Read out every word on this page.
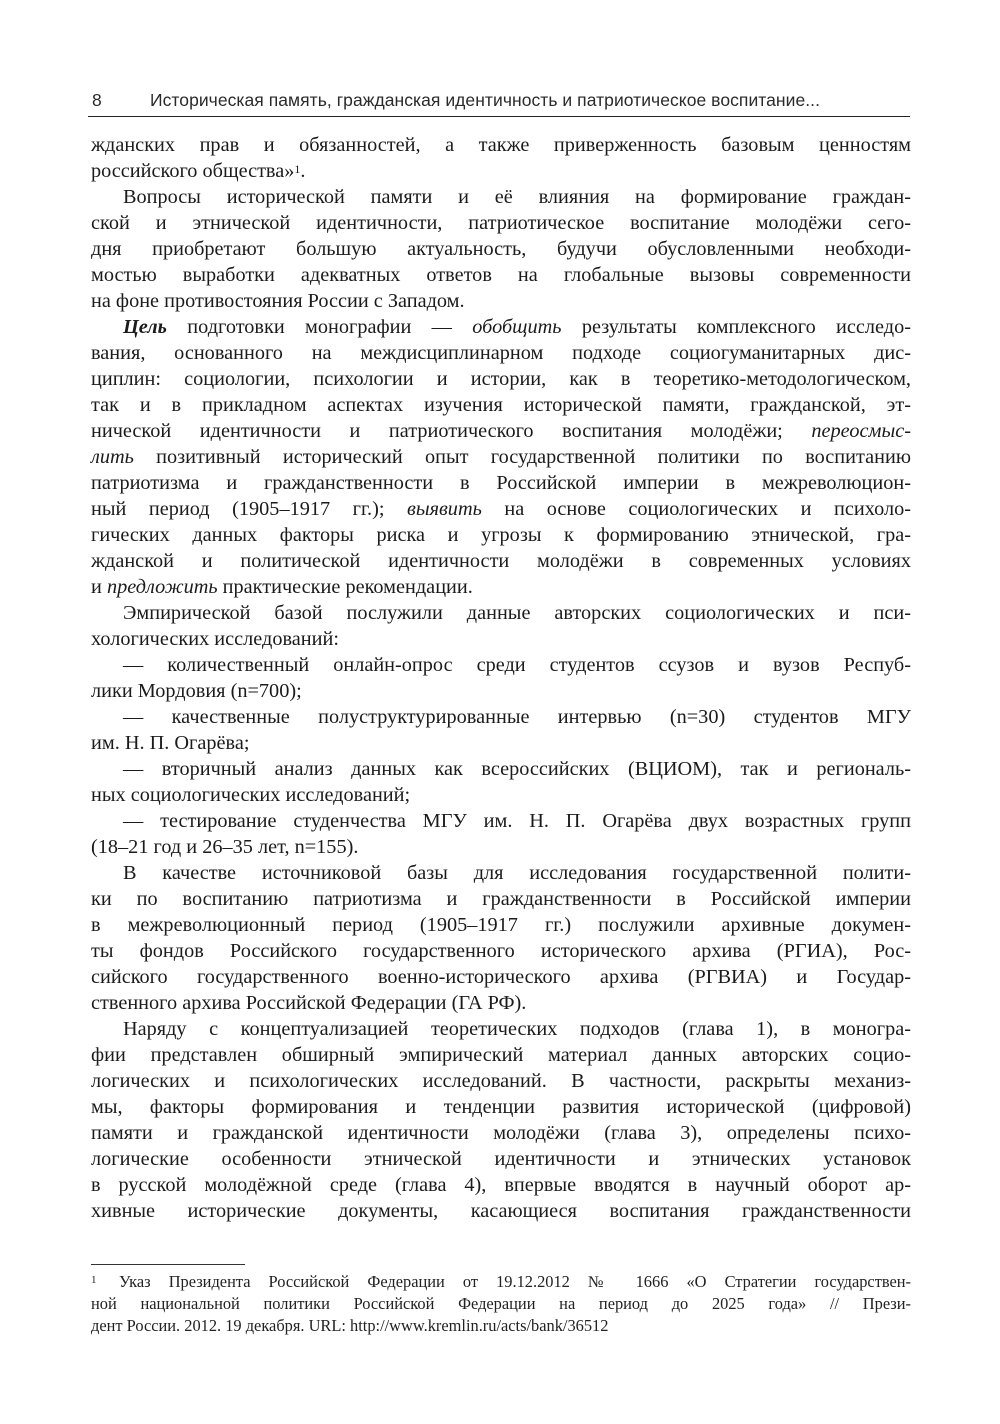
8	Историческая память, гражданская идентичность и патриотическое воспитание...
жданских прав и обязанностей, а также приверженность базовым ценностям
российского общества»$^1$.
Вопросы исторической памяти и её влияния на формирование граждан-
ской и этнической идентичности, патриотическое воспитание молодёжи сего-
дня приобретают большую актуальность, будучи обусловленными необходи-
мостью выработки адекватных ответов на глобальные вызовы современности
на фоне противостояния России с Западом.
Цель подготовки монографии — обобщить результаты комплексного исследо-
вания, основанного на междисциплинарном подходе социогуманитарных дис-
циплин: социологии, психологии и истории, как в теоретико-методологическом,
так и в прикладном аспектах изучения исторической памяти, гражданской, эт-
нической идентичности и патриотического воспитания молодёжи; переосмыс-
лить позитивный исторический опыт государственной политики по воспитанию
патриотизма и гражданственности в Российской империи в межреволюцион-
ный период (1905–1917 гг.); выявить на основе социологических и психоло-
гических данных факторы риска и угрозы к формированию этнической, гра-
жданской и политической идентичности молодёжи в современных условиях
и предложить практические рекомендации.
Эмпирической базой послужили данные авторских социологических и пси-
хологических исследований:
— количественный онлайн-опрос среди студентов ссузов и вузов Респуб-
лики Мордовия (n=700);
— качественные полуструктурированные интервью (n=30) студентов МГУ
им. Н. П. Огарёва;
— вторичный анализ данных как всероссийских (ВЦИОМ), так и региональ-
ных социологических исследований;
— тестирование студенчества МГУ им. Н. П. Огарёва двух возрастных групп
(18–21 год и 26–35 лет, n=155).
В качестве источниковой базы для исследования государственной полити-
ки по воспитанию патриотизма и гражданственности в Российской империи
в межреволюционный период (1905–1917 гг.) послужили архивные докумен-
ты фондов Российского государственного исторического архива (РГИА), Рос-
сийского государственного военно-исторического архива (РГВИА) и Государ-
ственного архива Российской Федерации (ГА РФ).
Наряду с концептуализацией теоретических подходов (глава 1), в моногра-
фии представлен обширный эмпирический материал данных авторских социо-
логических и психологических исследований. В частности, раскрыты механиз-
мы, факторы формирования и тенденции развития исторической (цифровой)
памяти и гражданской идентичности молодёжи (глава 3), определены психо-
логические особенности этнической идентичности и этнических установок
в русской молодёжной среде (глава 4), впервые вводятся в научный оборот ар-
хивные исторические документы, касающиеся воспитания гражданственности
1	Указ Президента Российской Федерации от 19.12.2012 № 1666 «О Стратегии государствен-
ной национальной политики Российской Федерации на период до 2025 года» // Прези-
дент России. 2012. 19 декабря. URL: http://www.kremlin.ru/acts/bank/36512
